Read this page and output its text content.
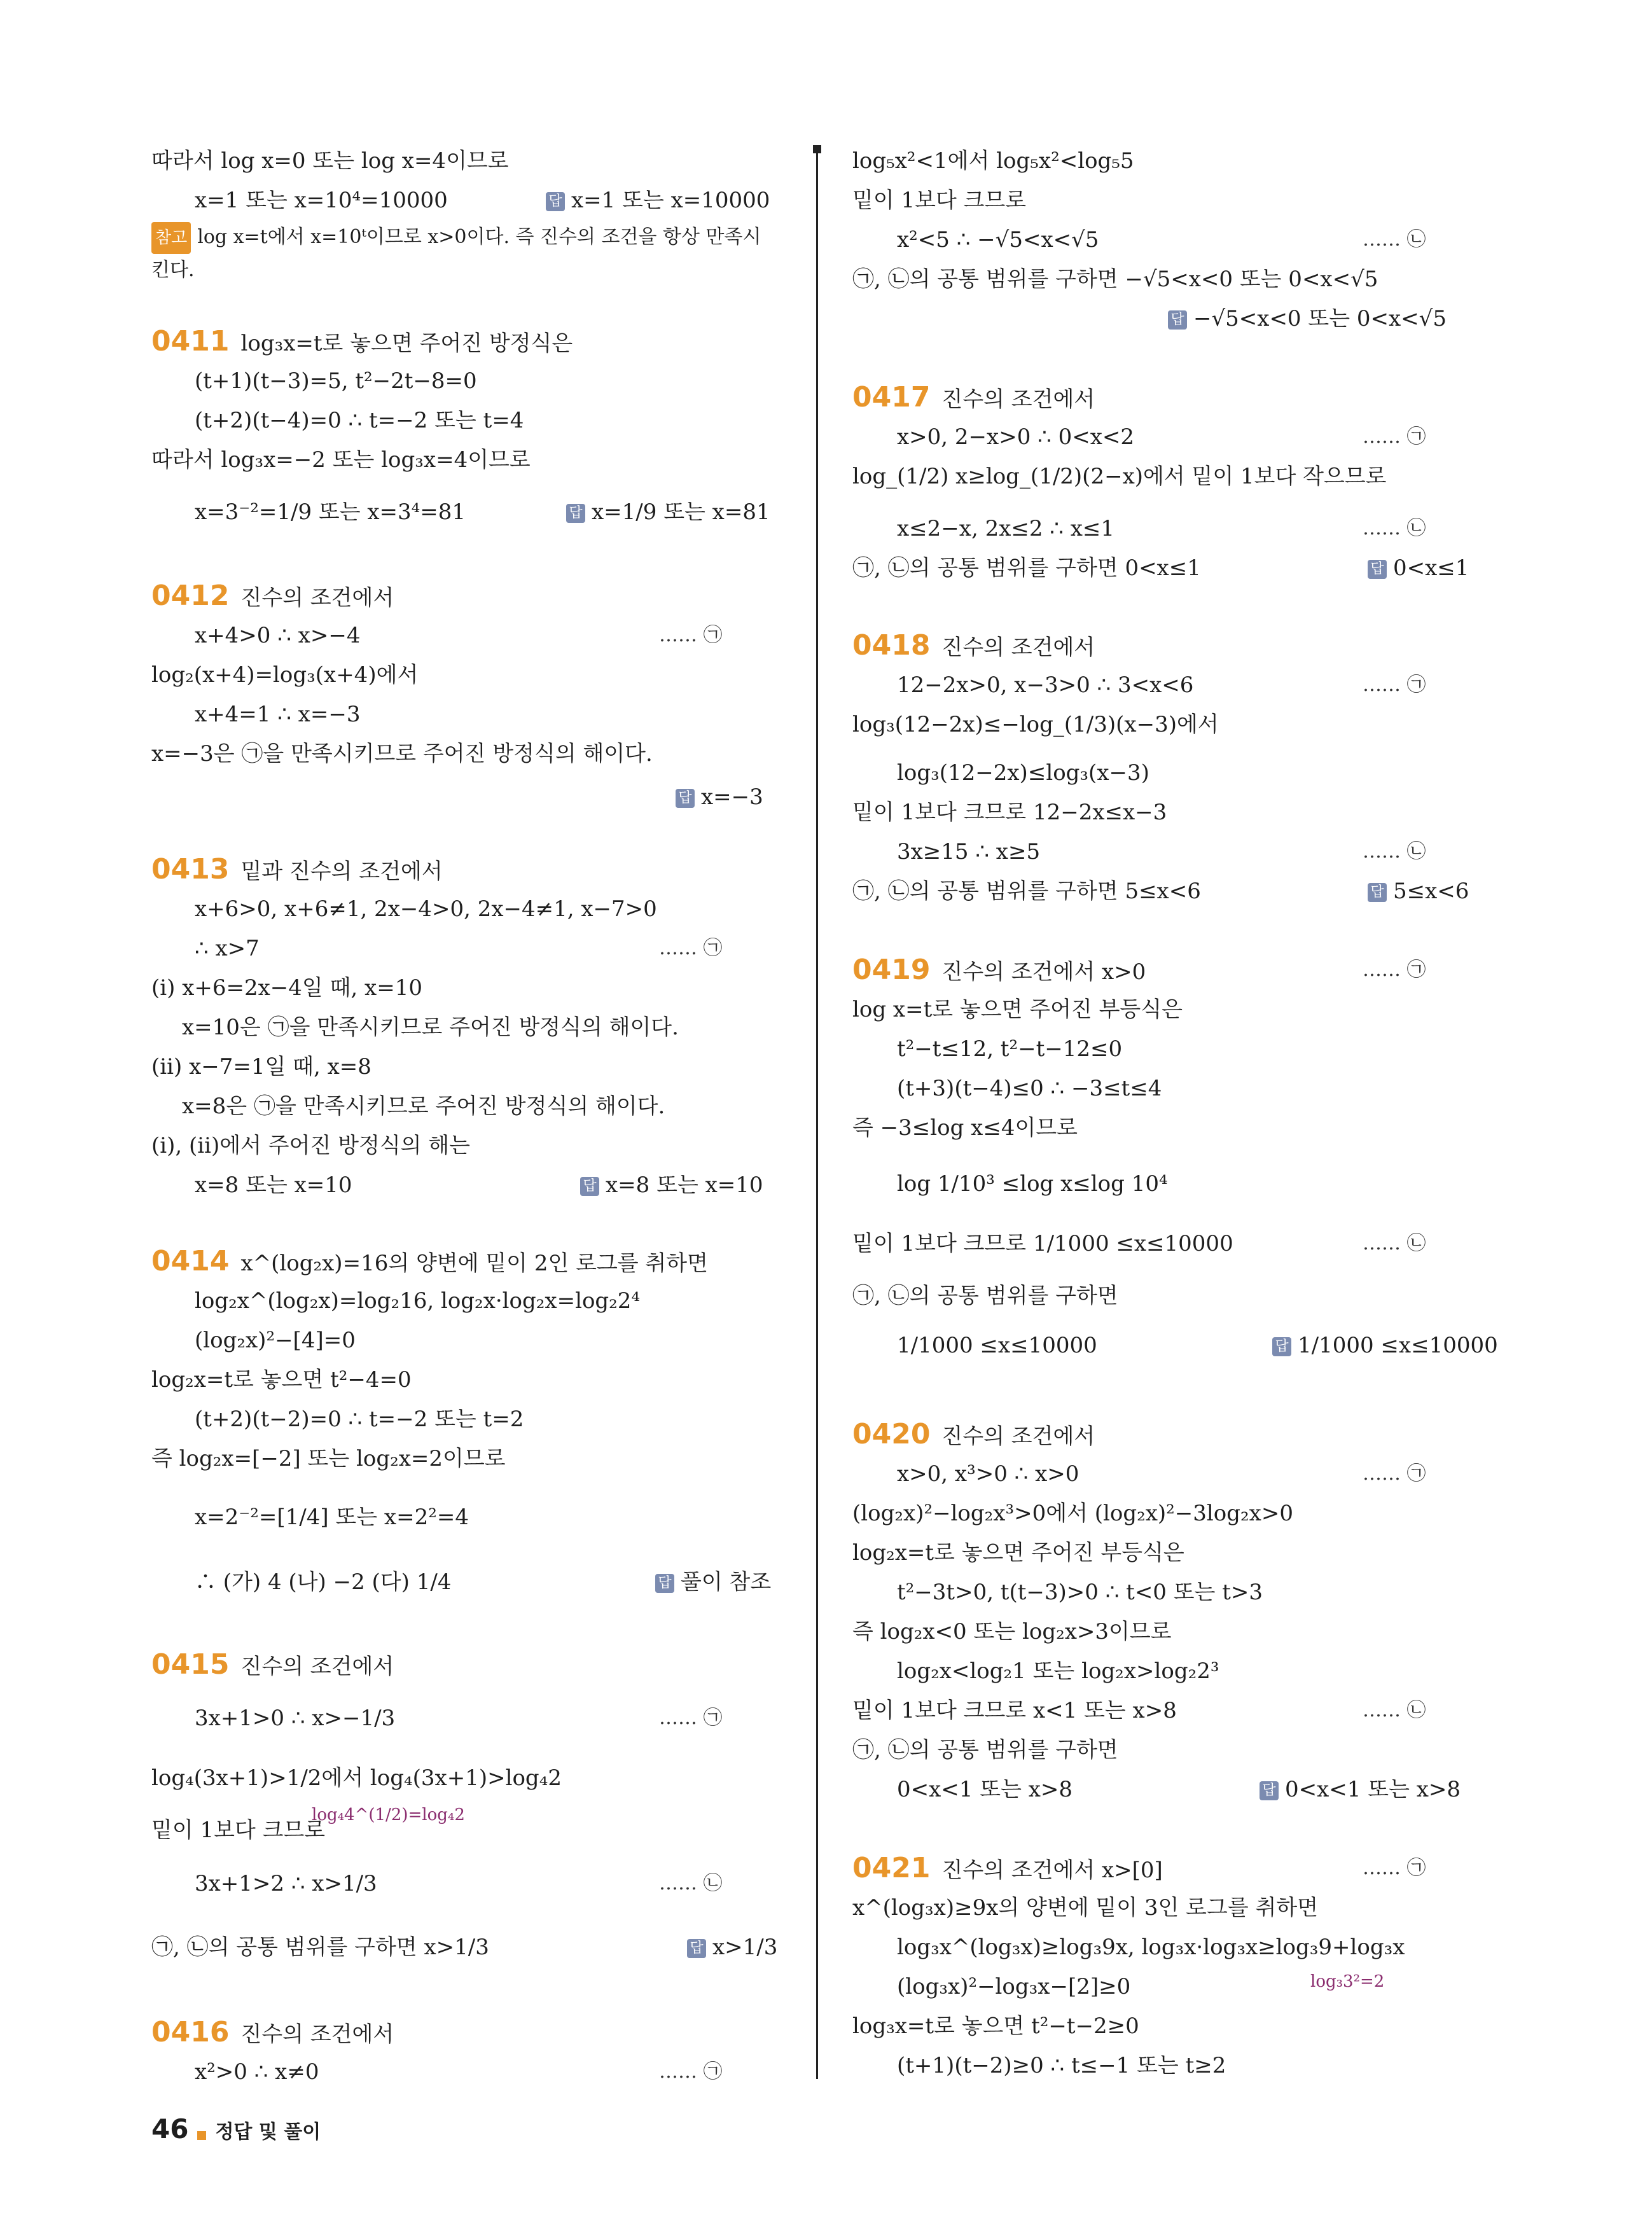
46 정답 및 풀이
따라서 log x=0 또는 log x=4이므로
x=1 또는 x=10⁴=10000
참고 log x=t에서 x=10ᵗ이므로 x>0이다. 즉 진수의 조건을 항상 만족시
킨다.
0411 log₃x=t로 놓으면 주어진 방정식은
(t+1)(t−3)=5, t²−2t−8=0
(t+2)(t−4)=0 ∴ t=−2 또는 t=4
따라서 log₃x=−2 또는 log₃x=4이므로
x=3⁻²=1/9 또는 x=3⁴=81
0412 진수의 조건에서
x+4>0 ∴ x>−4
log₂(x+4)=log₃(x+4)에서
x+4=1 ∴ x=−3
x=−3은 ㉠을 만족시키므로 주어진 방정식의 해이다.
0413 밑과 진수의 조건에서
x+6>0, x+6≠1, 2x−4>0, 2x−4≠1, x−7>0
∴ x>7
(i) x+6=2x−4일 때, x=10
x=10은 ㉠을 만족시키므로 주어진 방정식의 해이다.
(ii) x−7=1일 때, x=8
x=8은 ㉠을 만족시키므로 주어진 방정식의 해이다.
(i), (ii)에서 주어진 방정식의 해는
x=8 또는 x=10
0414 x^(log₂x)=16의 양변에 밑이 2인 로그를 취하면
log₂x^(log₂x)=log₂16, log₂x·log₂x=log₂2⁴
(log₂x)²−[4]=0
log₂x=t로 놓으면 t²−4=0
(t+2)(t−2)=0 ∴ t=−2 또는 t=2
즉 log₂x=[−2] 또는 log₂x=2이므로
x=2⁻²=[1/4] 또는 x=2²=4
∴ (가) 4 (나) −2 (다) 1/4
0415 진수의 조건에서
3x+1>0 ∴ x>−1/3
log₄(3x+1)>1/2에서 log₄(3x+1)>log₄2
log₄4^(1/2)=log₄2
밑이 1보다 크므로
3x+1>2 ∴ x>1/3
㉠, ㉡의 공통 범위를 구하면 x>1/3
0416 진수의 조건에서
x²>0 ∴ x≠0
log₅x²<1에서 log₅x²<log₅5
밑이 1보다 크므로
x²<5 ∴ −√5<x<√5
㉠, ㉡의 공통 범위를 구하면 −√5<x<0 또는 0<x<√5
0417 진수의 조건에서
x>0, 2−x>0 ∴ 0<x<2
log_(1/2) x≥log_(1/2)(2−x)에서 밑이 1보다 작으므로
x≤2−x, 2x≤2 ∴ x≤1
㉠, ㉡의 공통 범위를 구하면 0<x≤1
0418 진수의 조건에서
12−2x>0, x−3>0 ∴ 3<x<6
log₃(12−2x)≤−log_(1/3)(x−3)에서
log₃(12−2x)≤log₃(x−3)
밑이 1보다 크므로 12−2x≤x−3
3x≥15 ∴ x≥5
㉠, ㉡의 공통 범위를 구하면 5≤x<6
0419 진수의 조건에서 x>0
log x=t로 놓으면 주어진 부등식은
t²−t≤12, t²−t−12≤0
(t+3)(t−4)≤0 ∴ −3≤t≤4
즉 −3≤log x≤4이므로
log 1/10³ ≤log x≤log 10⁴
밑이 1보다 크므로 1/1000 ≤x≤10000
㉠, ㉡의 공통 범위를 구하면
1/1000 ≤x≤10000
0420 진수의 조건에서
x>0, x³>0 ∴ x>0
(log₂x)²−log₂x³>0에서 (log₂x)²−3log₂x>0
log₂x=t로 놓으면 주어진 부등식은
t²−3t>0, t(t−3)>0 ∴ t<0 또는 t>3
즉 log₂x<0 또는 log₂x>3이므로
log₂x<log₂1 또는 log₂x>log₂2³
밑이 1보다 크므로 x<1 또는 x>8
㉠, ㉡의 공통 범위를 구하면
0<x<1 또는 x>8
0421 진수의 조건에서 x>[0]
x^(log₃x)≥9x의 양변에 밑이 3인 로그를 취하면
log₃x^(log₃x)≥log₃9x, log₃x·log₃x≥log₃9+log₃x
(log₃x)²−log₃x−[2]≥0	log₃3²=2
log₃x=t로 놓으면 t²−t−2≥0
(t+1)(t−2)≥0 ∴ t≤−1 또는 t≥2
답 x=1 또는 x=10000
답 x=1/9 또는 x=81
답 x=−3
답 x=8 또는 x=10
답 풀이 참조
답 x>1/3
답 −√5<x<0 또는 0<x<√5
답 0<x≤1
답 5≤x<6
답 1/1000 ≤x≤10000
답 0<x<1 또는 x>8
…… ㉠
…… ㉠
…… ㉠
…… ㉡
…… ㉠
…… ㉡
…… ㉠
…… ㉡
…… ㉠
…… ㉡
…… ㉠
…… ㉡
…… ㉠
…… ㉡
…… ㉠
